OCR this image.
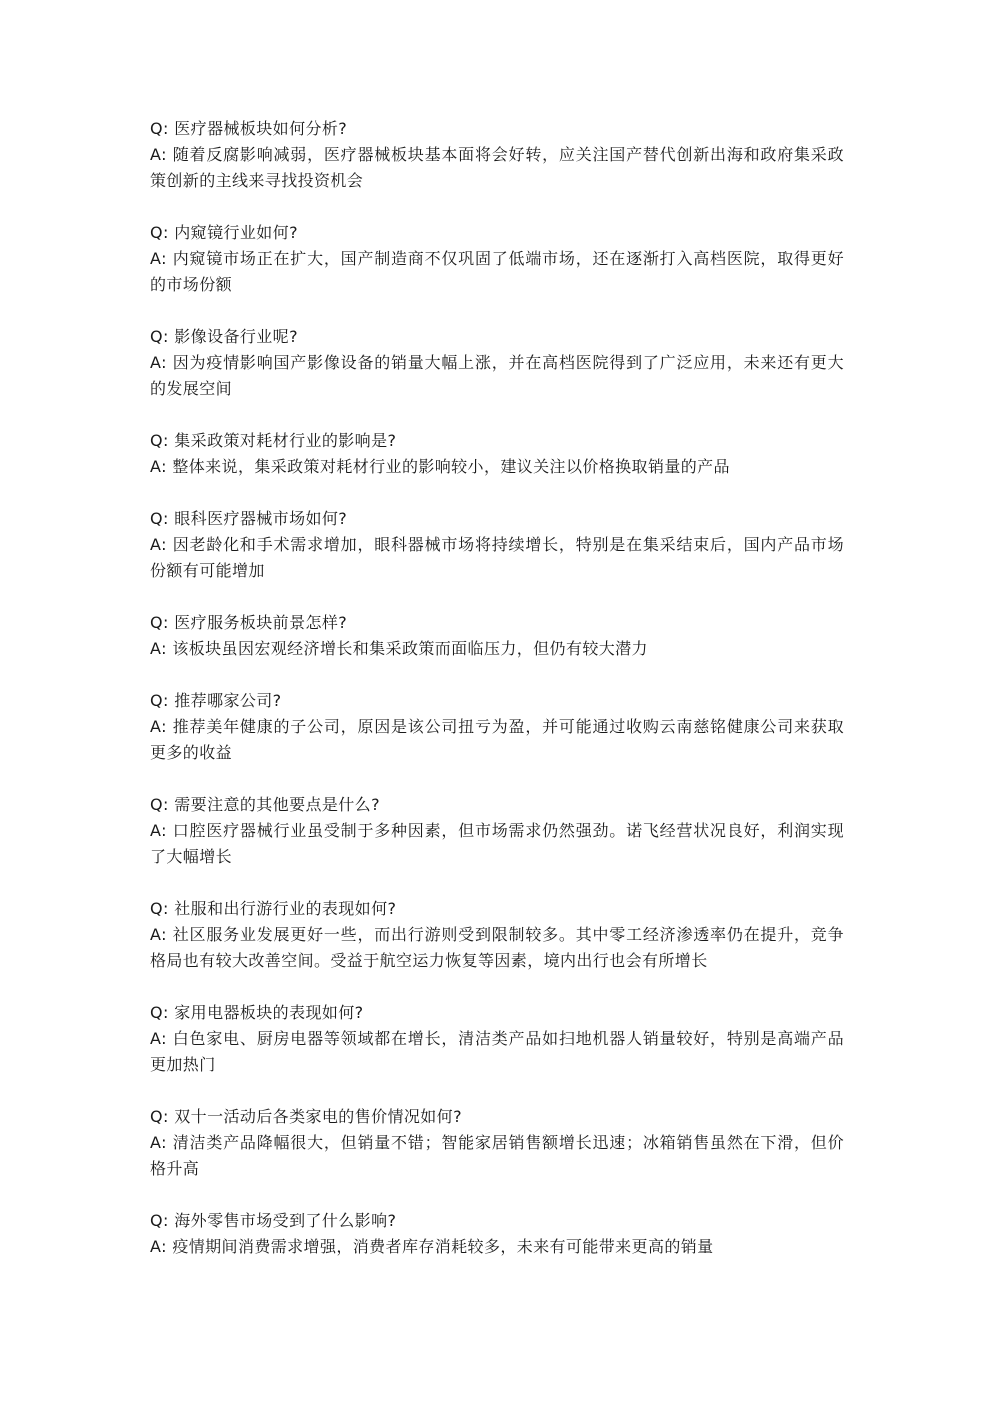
Q: 医疗器械板块如何分析?
A: 随着反腐影响减弱，医疗器械板块基本面将会好转，应关注国产替代创新出海和政府集采政策创新的主线来寻找投资机会
Q: 内窥镜行业如何?
A: 内窥镜市场正在扩大，国产制造商不仅巩固了低端市场，还在逐渐打入高档医院，取得更好的市场份额
Q: 影像设备行业呢?
A: 因为疫情影响国产影像设备的销量大幅上涨，并在高档医院得到了广泛应用，未来还有更大的发展空间
Q: 集采政策对耗材行业的影响是?
A: 整体来说，集采政策对耗材行业的影响较小，建议关注以价格换取销量的产品
Q: 眼科医疗器械市场如何?
A: 因老龄化和手术需求增加，眼科器械市场将持续增长，特别是在集采结束后，国内产品市场份额有可能增加
Q: 医疗服务板块前景怎样?
A: 该板块虽因宏观经济增长和集采政策而面临压力，但仍有较大潜力
Q: 推荐哪家公司?
A: 推荐美年健康的子公司，原因是该公司扭亏为盈，并可能通过收购云南慈铭健康公司来获取更多的收益
Q: 需要注意的其他要点是什么?
A: 口腔医疗器械行业虽受制于多种因素，但市场需求仍然强劲。诺飞经营状况良好，利润实现了大幅增长
Q: 社服和出行游行业的表现如何?
A: 社区服务业发展更好一些，而出行游则受到限制较多。其中零工经济渗透率仍在提升，竞争格局也有较大改善空间。受益于航空运力恢复等因素，境内出行也会有所增长
Q: 家用电器板块的表现如何?
A: 白色家电、厨房电器等领域都在增长，清洁类产品如扫地机器人销量较好，特别是高端产品更加热门
Q: 双十一活动后各类家电的售价情况如何?
A: 清洁类产品降幅很大，但销量不错；智能家居销售额增长迅速；冰箱销售虽然在下滑，但价格升高
Q: 海外零售市场受到了什么影响?
A: 疫情期间消费需求增强，消费者库存消耗较多，未来有可能带来更高的销量
